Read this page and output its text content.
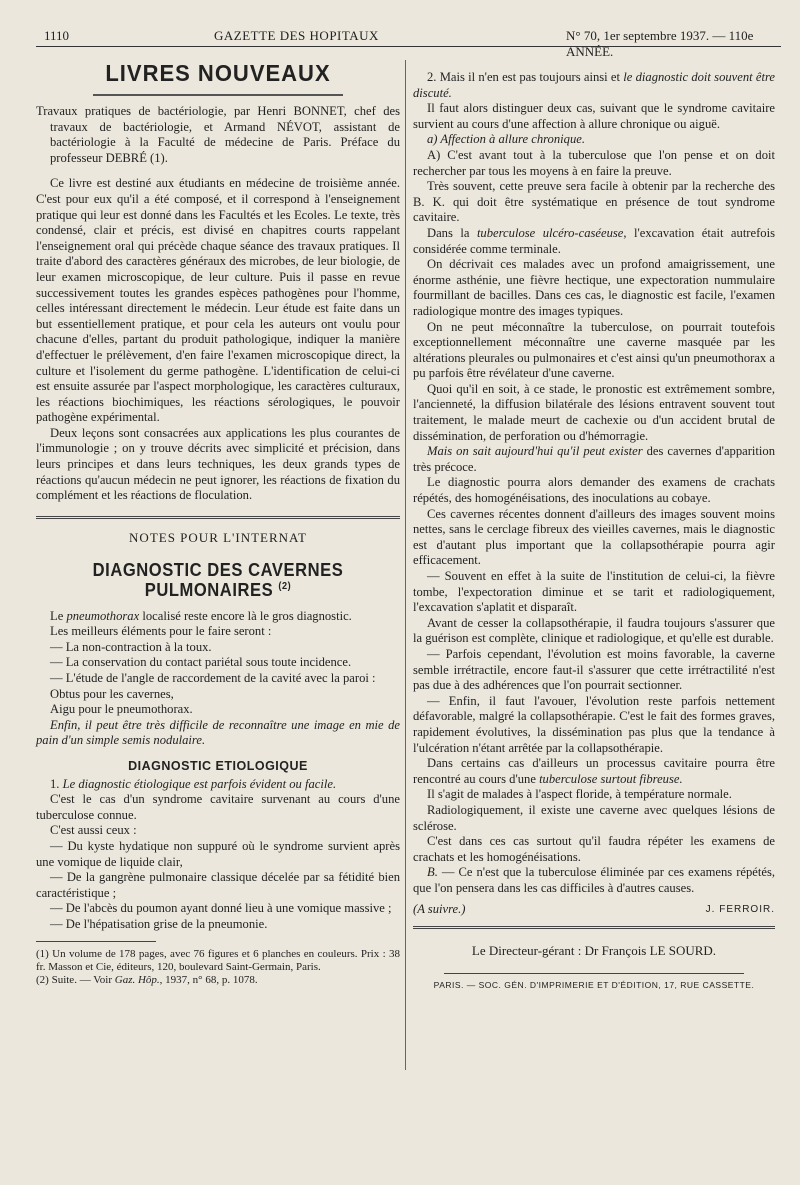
1110	GAZETTE DES HOPITAUX	N° 70, 1er septembre 1937. — 110e ANNÉE.
LIVRES NOUVEAUX

Travaux pratiques de bactériologie, par Henri BONNET, chef des travaux de bactériologie, et Armand NÉVOT, assistant de bactériologie à la Faculté de médecine de Paris. Préface du professeur DEBRÉ (1).

Ce livre est destiné aux étudiants en médecine de troisième année. C'est pour eux qu'il a été composé, et il correspond à l'enseignement pratique qui leur est donné dans les Facultés et les Ecoles. Le texte, très condensé, clair et précis, est divisé en chapitres courts rappelant l'enseignement oral qui précède chaque séance des travaux pratiques. Il traite d'abord des caractères généraux des microbes, de leur biologie, de leur examen microscopique, de leur culture. Puis il passe en revue successivement toutes les grandes espèces pathogènes pour l'homme, celles intéressant directement le médecin. Leur étude est faite dans un but essentiellement pratique, et pour cela les auteurs ont voulu pour chacune d'elles, partant du produit pathologique, indiquer la manière d'effectuer le prélèvement, d'en faire l'examen microscopique direct, la culture et l'isolement du germe pathogène. L'identification de celui-ci est ensuite assurée par l'aspect morphologique, les caractères culturaux, les réactions biochimiques, les réactions sérologiques, le pouvoir pathogène expérimental.

Deux leçons sont consacrées aux applications les plus courantes de l'immunologie ; on y trouve décrits avec simplicité et précision, dans leurs principes et dans leurs techniques, les deux grands types de réactions qu'aucun médecin ne peut ignorer, les réactions de fixation du complément et les réactions de floculation.

NOTES POUR L'INTERNAT
DIAGNOSTIC DES CAVERNES PULMONAIRES $^{(2)}$

Le pneumothorax localisé reste encore là le gros diagnostic.

Les meilleurs éléments pour le faire seront :

— La non-contraction à la toux.

— La conservation du contact pariétal sous toute incidence.

— L'étude de l'angle de raccordement de la cavité avec la paroi :

Obtus pour les cavernes,

Aigu pour le pneumothorax.

Enfin, il peut être très difficile de reconnaître une image en mie de pain d'un simple semis nodulaire.

DIAGNOSTIC ETIOLOGIQUE

1. Le diagnostic étiologique est parfois évident ou facile.

C'est le cas d'un syndrome cavitaire survenant au cours d'une tuberculose connue.

C'est aussi ceux :

— Du kyste hydatique non suppuré où le syndrome survient après une vomique de liquide clair,

— De la gangrène pulmonaire classique décelée par sa fétidité bien caractéristique ;

— De l'abcès du poumon ayant donné lieu à une vomique massive ;

— De l'hépatisation grise de la pneumonie.

(1) Un volume de 178 pages, avec 76 figures et 6 planches en couleurs. Prix : 38 fr. Masson et Cie, éditeurs, 120, boulevard Saint-Germain, Paris.

(2) Suite. — Voir Gaz. Hôp., 1937, n° 68, p. 1078.

2. Mais il n'en est pas toujours ainsi et le diagnostic doit souvent être discuté.

Il faut alors distinguer deux cas, suivant que le syndrome cavitaire survient au cours d'une affection à allure chronique ou aiguë.

a) Affection à allure chronique.

A) C'est avant tout à la tuberculose que l'on pense et on doit rechercher par tous les moyens à en faire la preuve.

Très souvent, cette preuve sera facile à obtenir par la recherche des B. K. qui doit être systématique en présence de tout syndrome cavitaire.

Dans la tuberculose ulcéro-caséeuse, l'excavation était autrefois considérée comme terminale.

On décrivait ces malades avec un profond amaigrissement, une énorme asthénie, une fièvre hectique, une expectoration nummulaire fourmillant de bacilles. Dans ces cas, le diagnostic est facile, l'examen radiologique montre des images typiques.

On ne peut méconnaître la tuberculose, on pourrait toutefois exceptionnellement méconnaître une caverne masquée par les altérations pleurales ou pulmonaires et c'est ainsi qu'un pneumothorax a pu parfois être révélateur d'une caverne.

Quoi qu'il en soit, à ce stade, le pronostic est extrêmement sombre, l'ancienneté, la diffusion bilatérale des lésions entravent souvent tout traitement, le malade meurt de cachexie ou d'un accident brutal de dissémination, de perforation ou d'hémorragie.

Mais on sait aujourd'hui qu'il peut exister des cavernes d'apparition très précoce.

Le diagnostic pourra alors demander des examens de crachats répétés, des homogénéisations, des inoculations au cobaye.

Ces cavernes récentes donnent d'ailleurs des images souvent moins nettes, sans le cerclage fibreux des vieilles cavernes, mais le diagnostic est d'autant plus important que la collapsothérapie pourra agir efficacement.

— Souvent en effet à la suite de l'institution de celui-ci, la fièvre tombe, l'expectoration diminue et se tarit et radiologiquement, l'excavation s'aplatit et disparaît.

Avant de cesser la collapsothérapie, il faudra toujours s'assurer que la guérison est complète, clinique et radiologique, et qu'elle est durable.

— Parfois cependant, l'évolution est moins favorable, la caverne semble irrétractile, encore faut-il s'assurer que cette irrétractilité n'est pas due à des adhérences que l'on pourrait sectionner.

— Enfin, il faut l'avouer, l'évolution reste parfois nettement défavorable, malgré la collapsothérapie. C'est le fait des formes graves, rapidement évolutives, la dissémination pas plus que la tendance à l'ulcération n'étant arrêtée par la collapsothérapie.

Dans certains cas d'ailleurs un processus cavitaire pourra être rencontré au cours d'une tuberculose surtout fibreuse.

Il s'agit de malades à l'aspect floride, à température normale.

Radiologiquement, il existe une caverne avec quelques lésions de sclérose.

C'est dans ces cas surtout qu'il faudra répéter les examens de crachats et les homogénéisations.

B. — Ce n'est que la tuberculose éliminée par ces examens répétés, que l'on pensera dans les cas difficiles à d'autres causes.

(A suivre.)	J. FERROIR.
Le Directeur-gérant : Dr François LE SOURD.
PARIS. — SOC. GÉN. D'IMPRIMERIE ET D'ÉDITION, 17, RUE CASSETTE.
